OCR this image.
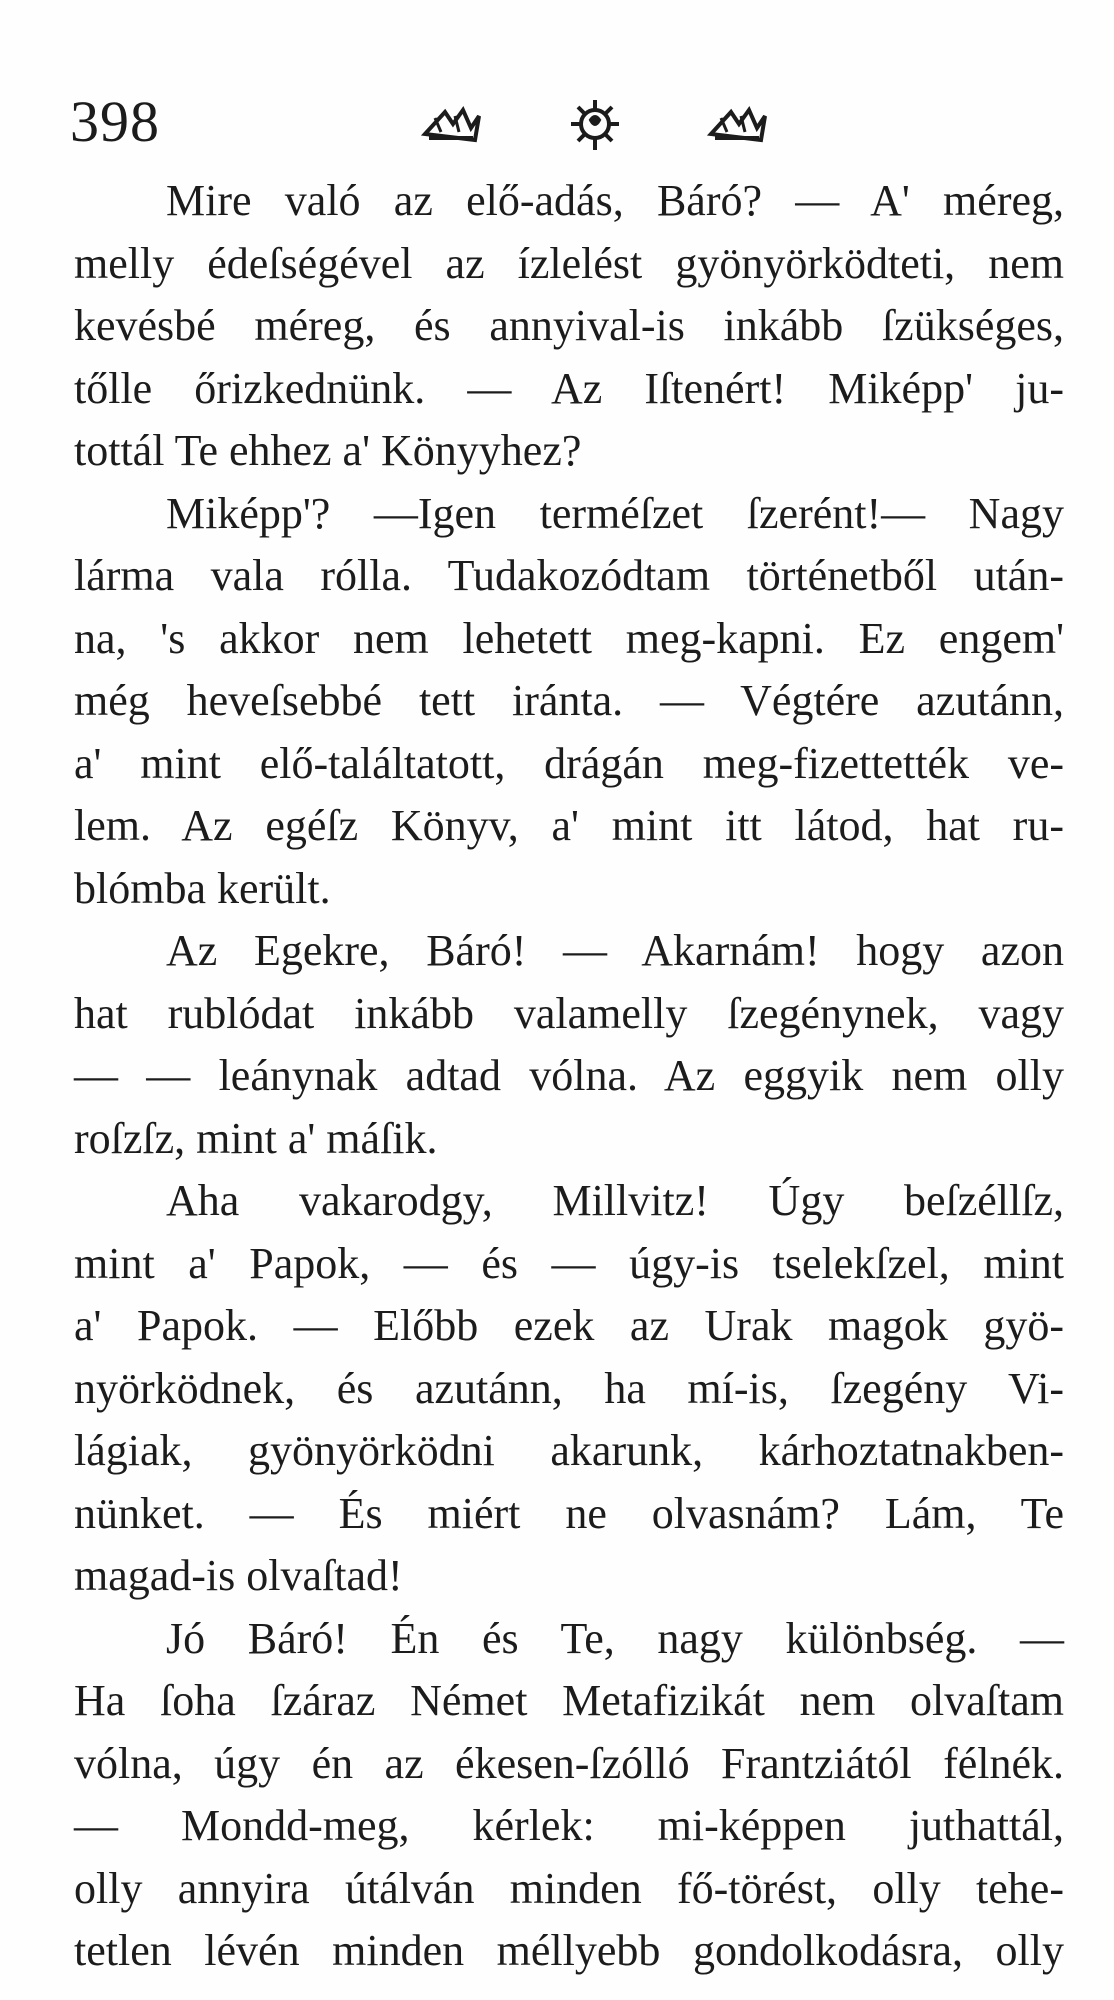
398
Mire való az elő-adás, Báró? — A' méreg,
melly édeſségével az ízlelést gyönyörködteti, nem
kevésbé méreg, és annyival-is inkább ſzükséges,
tőlle őrizkednünk. — Az Iſtenért! Miképp' ju-
tottál Te ehhez a' Könyyhez?
Miképp'? —Igen terméſzet ſzerént!— Nagy
lárma vala rólla. Tudakozódtam történetből után-
na, 's akkor nem lehetett meg-kapni. Ez engem'
még heveſsebbé tett iránta. — Végtére azutánn,
a' mint elő-találtatott, drágán meg-fizettették ve-
lem. Az egéſz Könyv, a' mint itt látod, hat ru-
blómba került.
Az Egekre, Báró! — Akarnám! hogy azon
hat rublódat inkább valamelly ſzegénynek, vagy
— — leánynak adtad vólna. Az eggyik nem olly
roſzſz, mint a' máſik.
Aha vakarodgy, Millvitz! Úgy beſzéllſz,
mint a' Papok, — és — úgy-is tselekſzel, mint
a' Papok. — Előbb ezek az Urak magok gyö-
nyörködnek, és azutánn, ha mí-is, ſzegény Vi-
lágiak, gyönyörködni akarunk, kárhoztatnakben-
nünket. — És miért ne olvasnám? Lám, Te
magad-is olvaſtad!
Jó Báró! Én és Te, nagy különbség. —
Ha ſoha ſzáraz Német Metafizikát nem olvaſtam
vólna, úgy én az ékesen-ſzólló Frantziától félnék.
— Mondd-meg, kérlek: mi-képpen juthattál,
olly annyira útálván minden fő-törést, olly tehe-
tetlen lévén minden méllyebb gondolkodásra, olly
